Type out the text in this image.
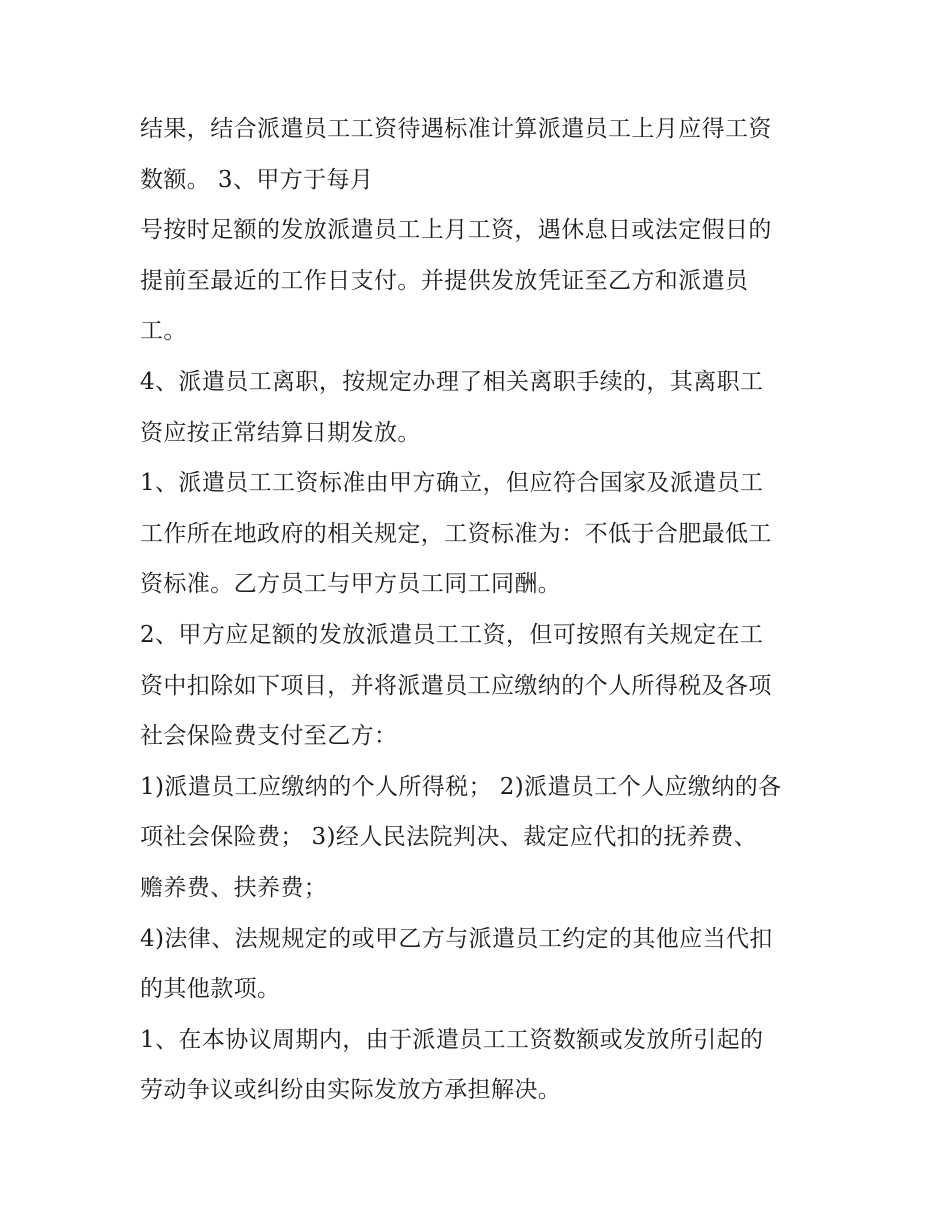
结果，结合派遣员工工资待遇标准计算派遣员工上月应得工资
数额。 3、甲方于每月
号按时足额的发放派遣员工上月工资，遇休息日或法定假日的
提前至最近的工作日支付。并提供发放凭证至乙方和派遣员
工。
4、派遣员工离职，按规定办理了相关离职手续的，其离职工
资应按正常结算日期发放。
1、派遣员工工资标准由甲方确立，但应符合国家及派遣员工
工作所在地政府的相关规定，工资标准为：不低于合肥最低工
资标准。乙方员工与甲方员工同工同酬。
2、甲方应足额的发放派遣员工工资，但可按照有关规定在工
资中扣除如下项目，并将派遣员工应缴纳的个人所得税及各项
社会保险费支付至乙方：
1)派遣员工应缴纳的个人所得税； 2)派遣员工个人应缴纳的各
项社会保险费； 3)经人民法院判决、裁定应代扣的抚养费、
赡养费、扶养费；
4)法律、法规规定的或甲乙方与派遣员工约定的其他应当代扣
的其他款项。
1、在本协议周期内，由于派遣员工工资数额或发放所引起的
劳动争议或纠纷由实际发放方承担解决。
